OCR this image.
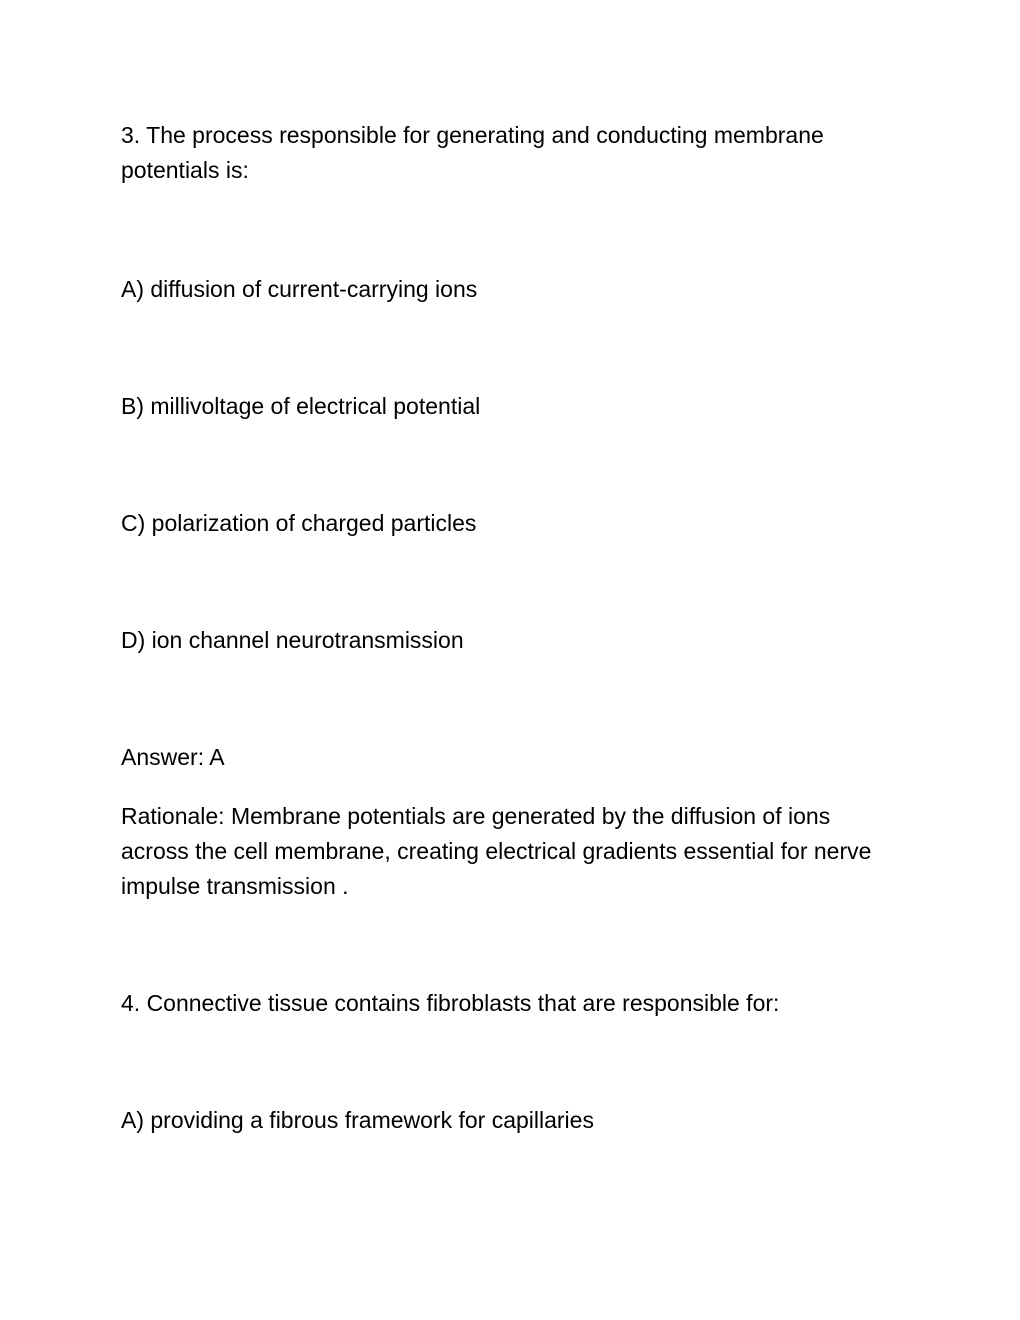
3. The process responsible for generating and conducting membrane potentials is:
A) diffusion of current-carrying ions
B) millivoltage of electrical potential
C) polarization of charged particles
D) ion channel neurotransmission
Answer: A
Rationale: Membrane potentials are generated by the diffusion of ions across the cell membrane, creating electrical gradients essential for nerve impulse transmission .
4. Connective tissue contains fibroblasts that are responsible for:
A) providing a fibrous framework for capillaries
